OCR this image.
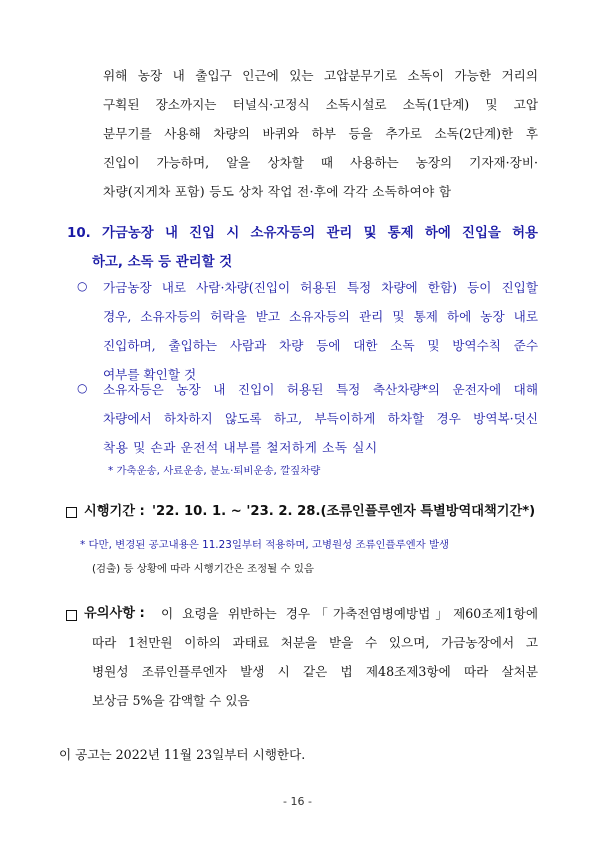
위해 농장 내 출입구 인근에 있는 고압분무기로 소독이 가능한 거리의
구획된 장소까지는 터널식·고정식 소독시설로 소독(1단계) 및 고압
분무기를 사용해 차량의 바퀴와 하부 등을 추가로 소독(2단계)한 후
진입이 가능하며, 알을 상차할 때 사용하는 농장의 기자재·장비·
차량(지게차 포함) 등도 상차 작업 전·후에 각각 소독하여야 함
10. 가금농장 내 진입 시 소유자등의 관리 및 통제 하에 진입을 허용
하고, 소독 등 관리할 것
○ 가금농장 내로 사람·차량(진입이 허용된 특정 차량에 한함) 등이 진입할
경우, 소유자등의 허락을 받고 소유자등의 관리 및 통제 하에 농장 내로
진입하며, 출입하는 사람과 차량 등에 대한 소독 및 방역수칙 준수
여부를 확인할 것
○ 소유자등은 농장 내 진입이 허용된 특정 축산차량*의 운전자에 대해
차량에서 하차하지 않도록 하고, 부득이하게 하차할 경우 방역복·덧신
착용 및 손과 운전석 내부를 철저하게 소독 실시
* 가축운송, 사료운송, 분뇨·퇴비운송, 깔짚차량
시행기간 : '22. 10. 1. ~ '23. 2. 28.(조류인플루엔자 특별방역대책기간*)
* 다만, 변경된 공고내용은 11.23일부터 적용하며, 고병원성 조류인플루엔자 발생
(검출) 등 상황에 따라 시행기간은 조정될 수 있음
유의사항 : 이 요령을 위반하는 경우「가축전염병예방법」제60조제1항에
따라 1천만원 이하의 과태료 처분을 받을 수 있으며, 가금농장에서 고
병원성 조류인플루엔자 발생 시 같은 법 제48조제3항에 따라 살처분
보상금 5%을 감액할 수 있음
이 공고는 2022년 11월 23일부터 시행한다.
- 16 -
